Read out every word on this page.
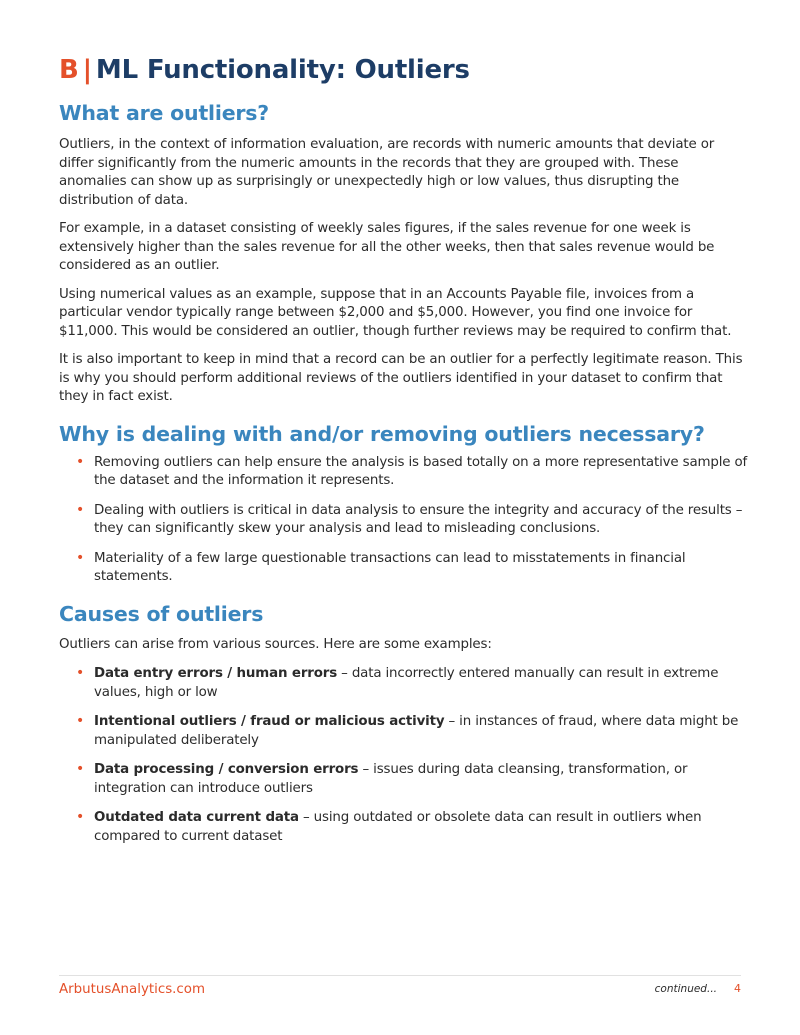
B | ML Functionality: Outliers
What are outliers?

Outliers, in the context of information evaluation, are records with numeric amounts that deviate or differ significantly from the numeric amounts in the records that they are grouped with. These anomalies can show up as surprisingly or unexpectedly high or low values, thus disrupting the distribution of data.

For example, in a dataset consisting of weekly sales figures, if the sales revenue for one week is extensively higher than the sales revenue for all the other weeks, then that sales revenue would be considered as an outlier.

Using numerical values as an example, suppose that in an Accounts Payable file, invoices from a particular vendor typically range between $2,000 and $5,000. However, you find one invoice for $11,000. This would be considered an outlier, though further reviews may be required to confirm that.

It is also important to keep in mind that a record can be an outlier for a perfectly legitimate reason. This is why you should perform additional reviews of the outliers identified in your dataset to confirm that they in fact exist.

Why is dealing with and/or removing outliers necessary?
• Removing outliers can help ensure the analysis is based totally on a more representative sample of the dataset and the information it represents.
• Dealing with outliers is critical in data analysis to ensure the integrity and accuracy of the results – they can significantly skew your analysis and lead to misleading conclusions.
• Materiality of a few large questionable transactions can lead to misstatements in financial statements.
Causes of outliers

Outliers can arise from various sources. Here are some examples:

• Data entry errors / human errors – data incorrectly entered manually can result in extreme values, high or low
• Intentional outliers / fraud or malicious activity – in instances of fraud, where data might be manipulated deliberately
• Data processing / conversion errors – issues during data cleansing, transformation, or integration can introduce outliers
• Outdated data current data – using outdated or obsolete data can result in outliers when compared to current dataset
ArbutusAnalytics.com	continued... 4
